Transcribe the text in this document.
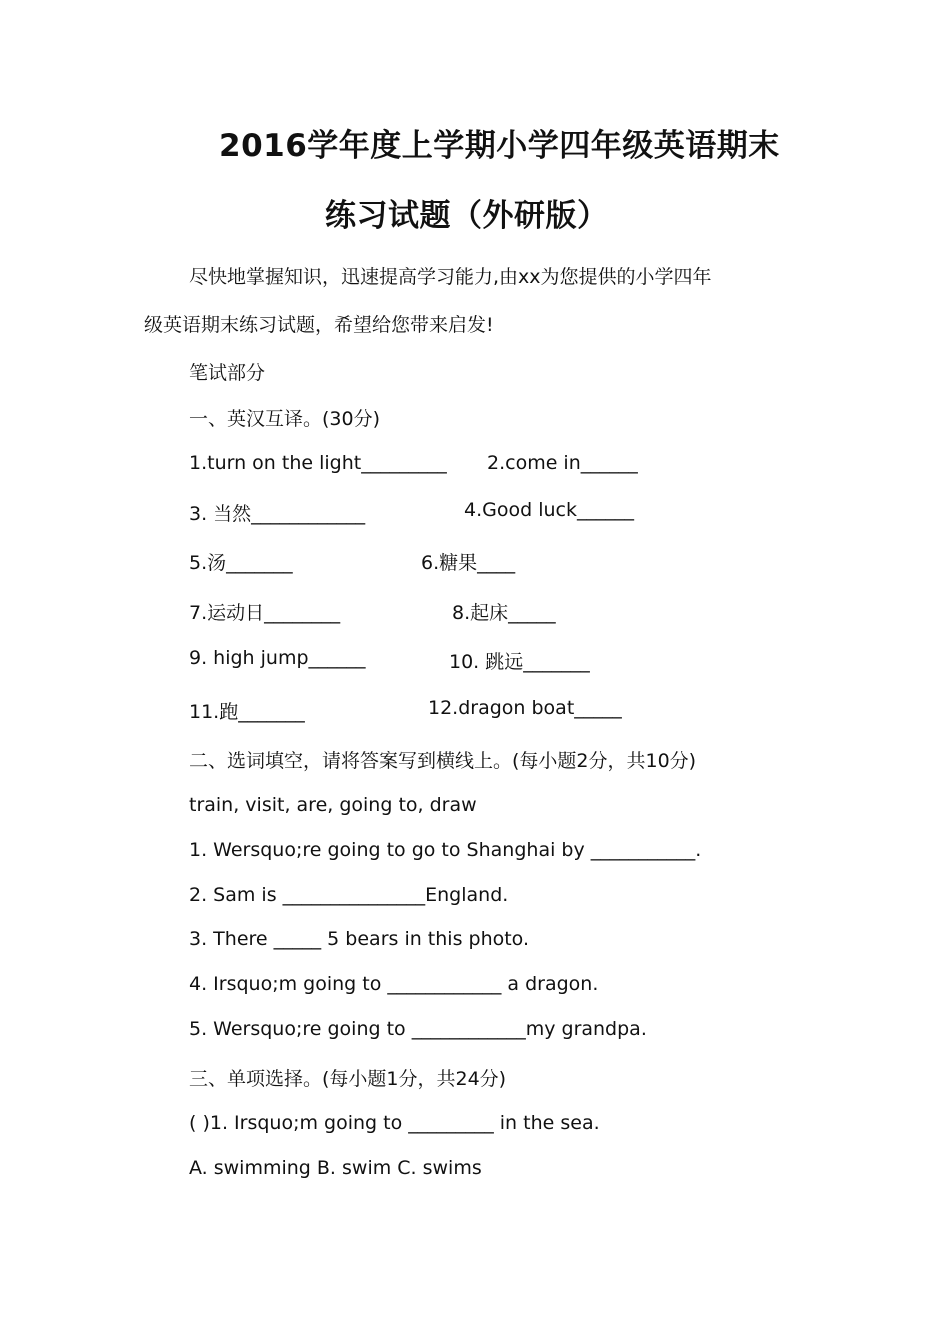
2016学年度上学期小学四年级英语期末
练习试题（外研版）
尽快地掌握知识，迅速提高学习能力,由xx为您提供的小学四年
级英语期末练习试题，希望给您带来启发!
笔试部分
一、英汉互译。(30分)
1.turn on the light_________ 2.come in______
3. 当然____________	4.Good luck______
5.汤_______	6.糖果____
7.运动日________	8.起床_____
9. high jump______	10. 跳远_______
11.跑_______	12.dragon boat_____
二、选词填空，请将答案写到横线上。(每小题2分，共10分)
train, visit, are, going to, draw
1. Wersquo;re going to go to Shanghai by ___________.
2. Sam is _______________England.
3. There _____ 5 bears in this photo.
4. Irsquo;m going to ____________ a dragon.
5. Wersquo;re going to ____________my grandpa.
三、单项选择。(每小题1分，共24分)
( )1. Irsquo;m going to _________ in the sea.
A. swimming B. swim C. swims
